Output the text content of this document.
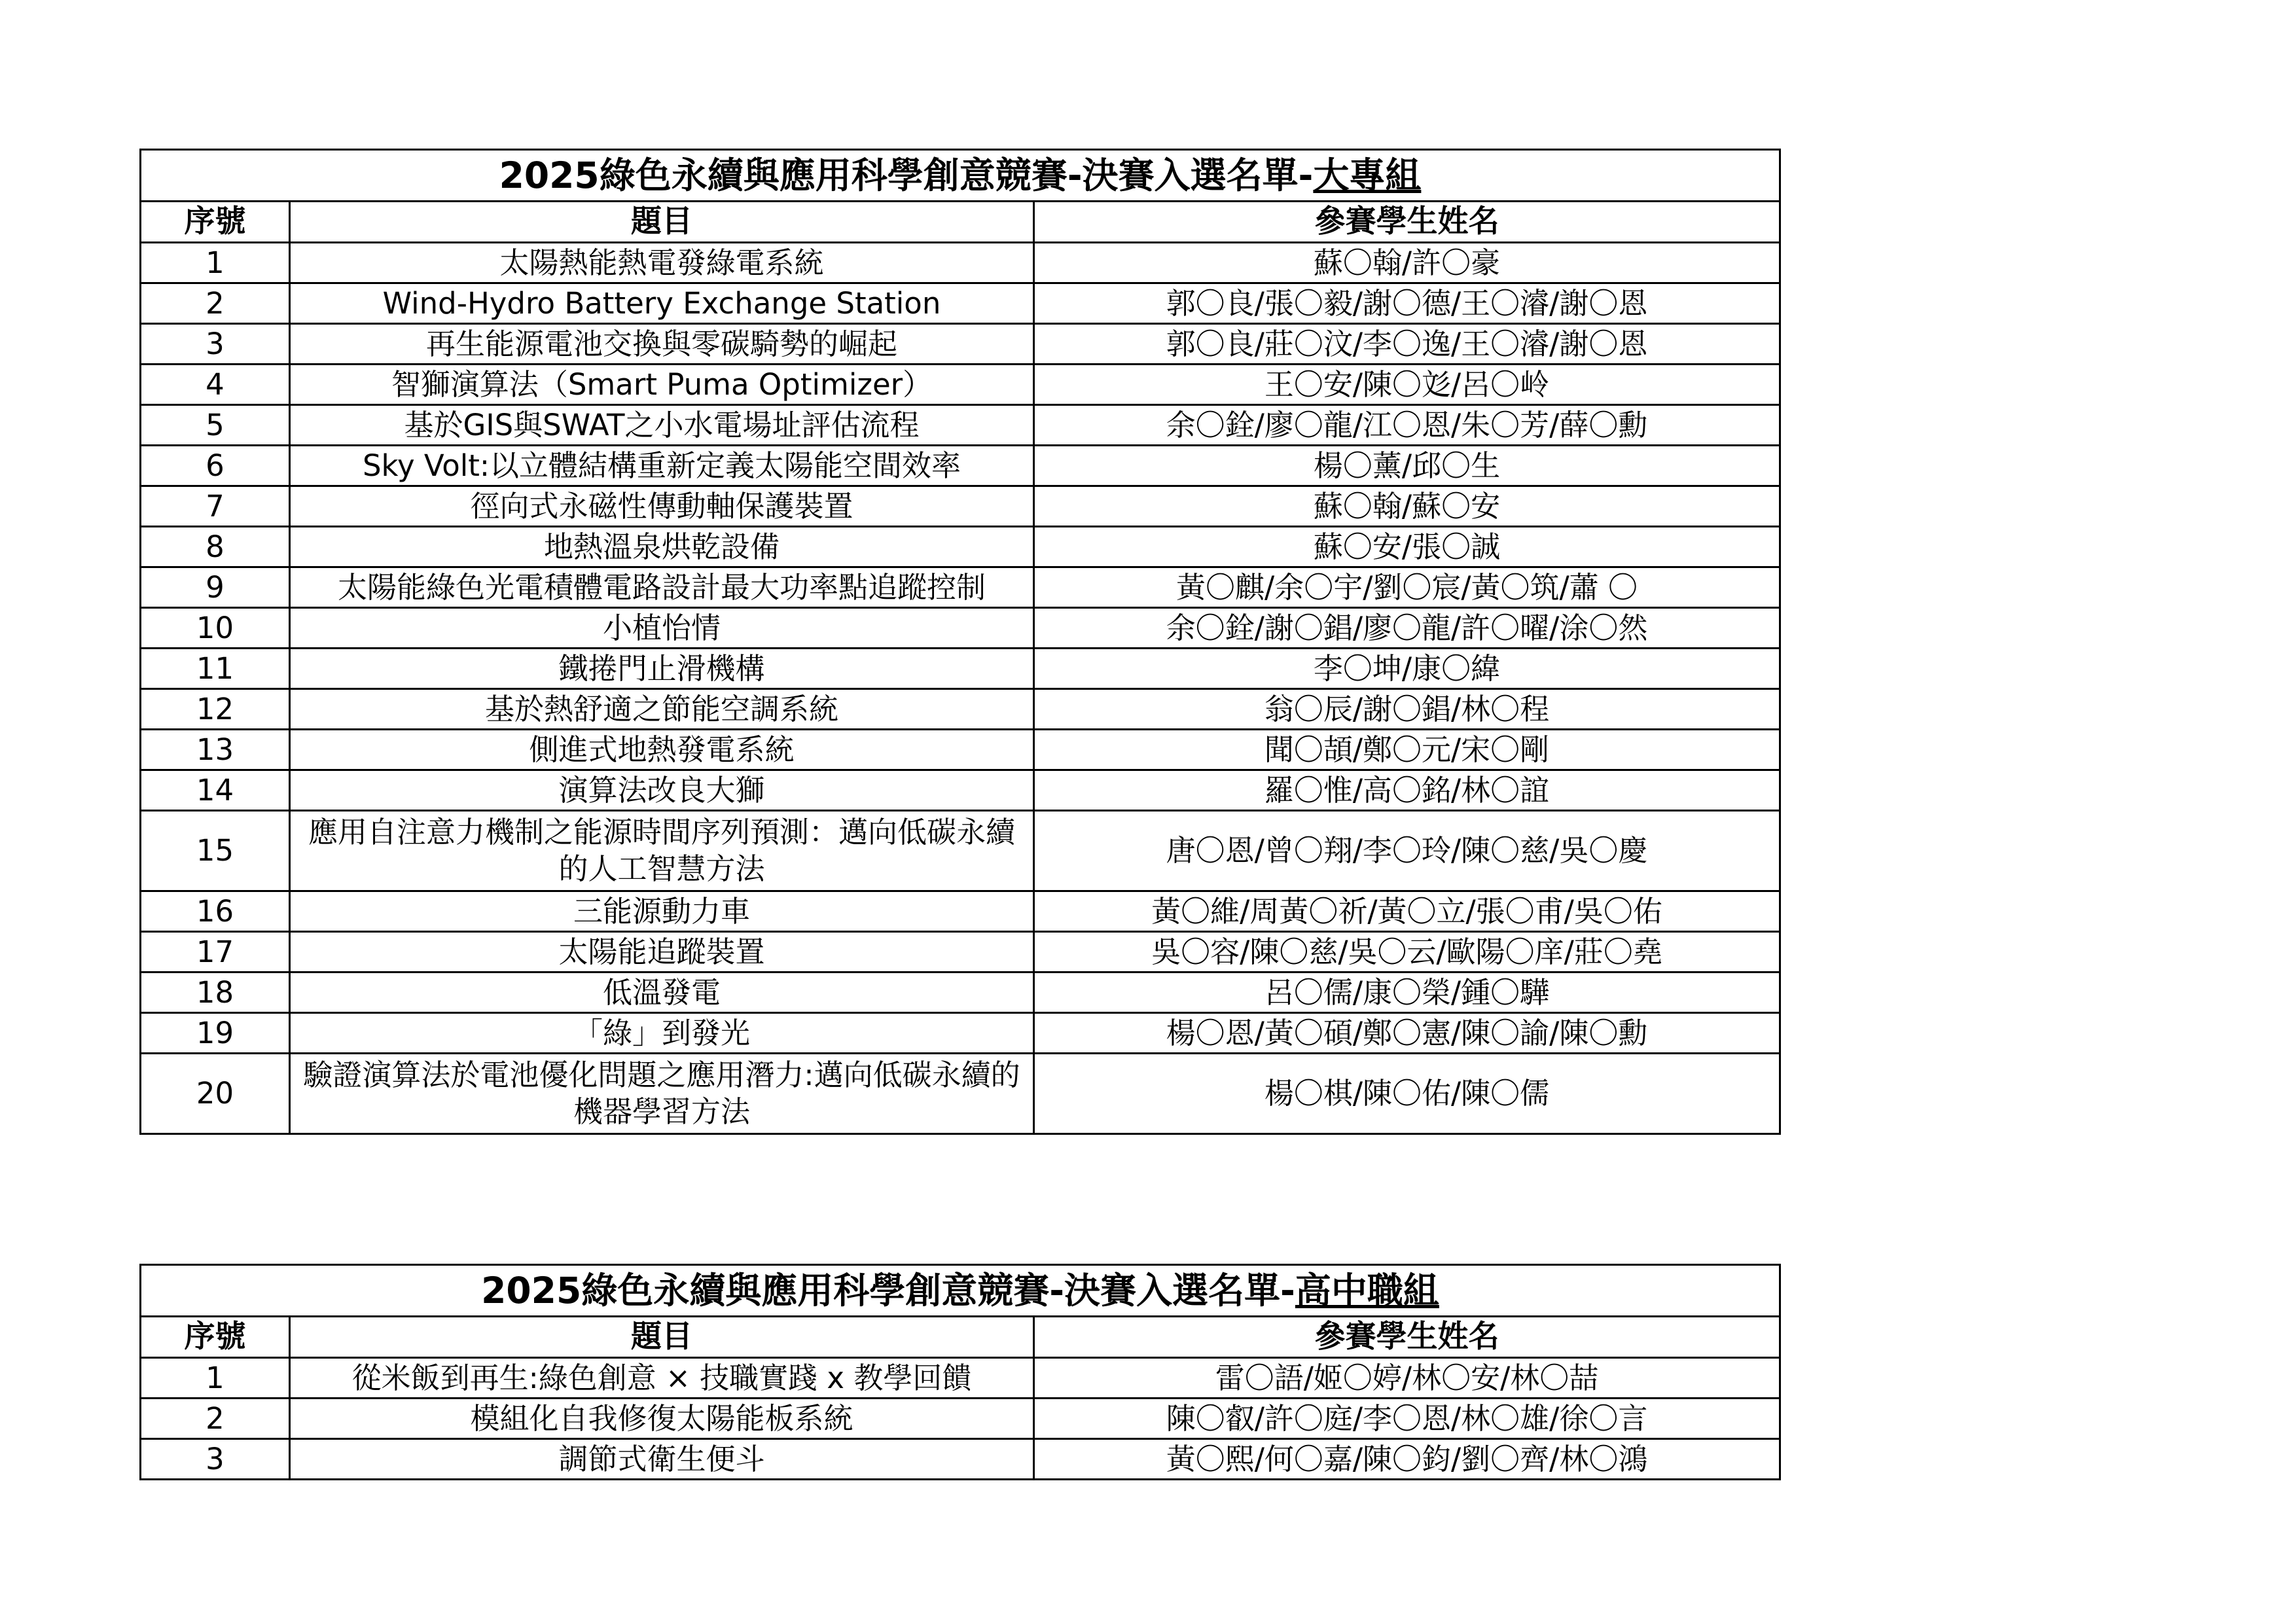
2025綠色永續與應用科學創意競賽-決賽入選名單-大專組		
序號	題目	參賽學生姓名
1	太陽熱能熱電發綠電系統	蘇〇翰/許〇豪
2	Wind-Hydro Battery Exchange Station	郭〇良/張〇毅/謝〇德/王〇濬/謝〇恩
3	再生能源電池交換與零碳騎勢的崛起	郭〇良/莊〇汶/李〇逸/王〇濬/謝〇恩
4	智獅演算法（Smart Puma Optimizer）	王〇安/陳〇彣/呂〇岭
5	基於GIS與SWAT之小水電場址評估流程	余〇銓/廖〇龍/江〇恩/朱〇芳/薛〇勳
6	Sky Volt:以立體結構重新定義太陽能空間效率	楊〇薰/邱〇生
7	徑向式永磁性傳動軸保護裝置	蘇〇翰/蘇〇安
8	地熱溫泉烘乾設備	蘇〇安/張〇誠
9	太陽能綠色光電積體電路設計最大功率點追蹤控制	黃〇麒/余〇宇/劉〇宸/黃〇筑/蕭 〇
10	小植怡情	余〇銓/謝〇錩/廖〇龍/許〇曜/涂〇然
11	鐵捲門止滑機構	李〇坤/康〇緯
12	基於熱舒適之節能空調系統	翁〇辰/謝〇錩/林〇程
13	側進式地熱發電系統	聞〇頡/鄭〇元/宋〇剛
14	演算法改良大獅	羅〇惟/高〇銘/林〇誼
15	應用自注意力機制之能源時間序列預測：邁向低碳永續的人工智慧方法	唐〇恩/曾〇翔/李〇玲/陳〇慈/吳〇慶
16	三能源動力車	黃〇維/周黃〇祈/黃〇立/張〇甫/吳〇佑
17	太陽能追蹤裝置	吳〇容/陳〇慈/吳〇云/歐陽〇庠/莊〇堯
18	低溫發電	呂〇儒/康〇榮/鍾〇驊
19	「綠」到發光	楊〇恩/黃〇碩/鄭〇憲/陳〇諭/陳〇勳
20	驗證演算法於電池優化問題之應用潛力:邁向低碳永續的機器學習方法	楊〇棋/陳〇佑/陳〇儒
2025綠色永續與應用科學創意競賽-決賽入選名單-高中職組		
序號	題目	參賽學生姓名
1	從米飯到再生:綠色創意 × 技職實踐 x 教學回饋	雷〇語/姬〇婷/林〇安/林〇喆
2	模組化自我修復太陽能板系統	陳〇叡/許〇庭/李〇恩/林〇雄/徐〇言
3	調節式衛生便斗	黃〇熙/何〇嘉/陳〇鈞/劉〇齊/林〇鴻
